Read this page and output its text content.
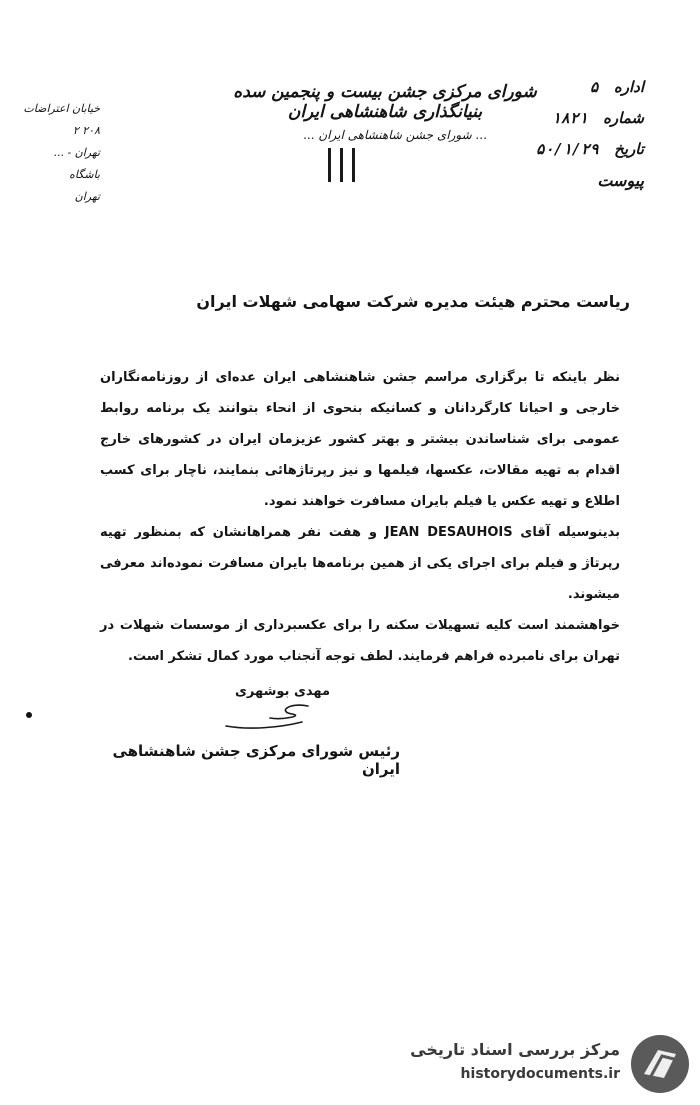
خیابان اعتراضات ۲۰۸ ۲
تهران - ... باشگاه
تهران
شورای مرکزی جشن بیست و پنجمین سده بنیانگذاری شاهنشاهی ایران
... شورای جشن شاهنشاهی ایران ...
اداره ۵
شماره ۱۸۲۱
تاریخ ۵۰/۱/۲۹
پیوست
ریاست محترم هیئت مدیره شرکت سهامی شهلات ایران

نظر باینکه تا برگزاری مراسم جشن شاهنشاهی ایران عده‌ای از روزنامه‌نگاران خارجی و احیانا کارگردانان و کسانیکه بنحوی از انحاء بتوانند یک برنامه روابط عمومی برای شناساندن بیشتر و بهتر کشور عزیزمان ایران در کشورهای خارج اقدام به تهیه مقالات، عکسها، فیلمها و نیز رپرتاژهائی بنمایند، ناچار برای کسب اطلاع و تهیه عکس یا فیلم بایران مسافرت خواهند نمود.

بدینوسیله آقای JEAN DESAUHOIS و هفت نفر همراهانشان که بمنظور تهیه رپرتاژ و فیلم برای اجرای یکی از همین برنامه‌ها بایران مسافرت نموده‌اند معرفی میشوند.

خواهشمند است کلیه تسهیلات سکنه را برای عکسبرداری از موسسات شهلات در تهران برای نامبرده فراهم فرمایند. لطف توجه آنجناب مورد کمال تشکر است.

مهدی بوشهری
رئیس شورای مرکزی جشن شاهنشاهی ایران
مرکز بررسی اسناد تاریخی
historydocuments.ir
